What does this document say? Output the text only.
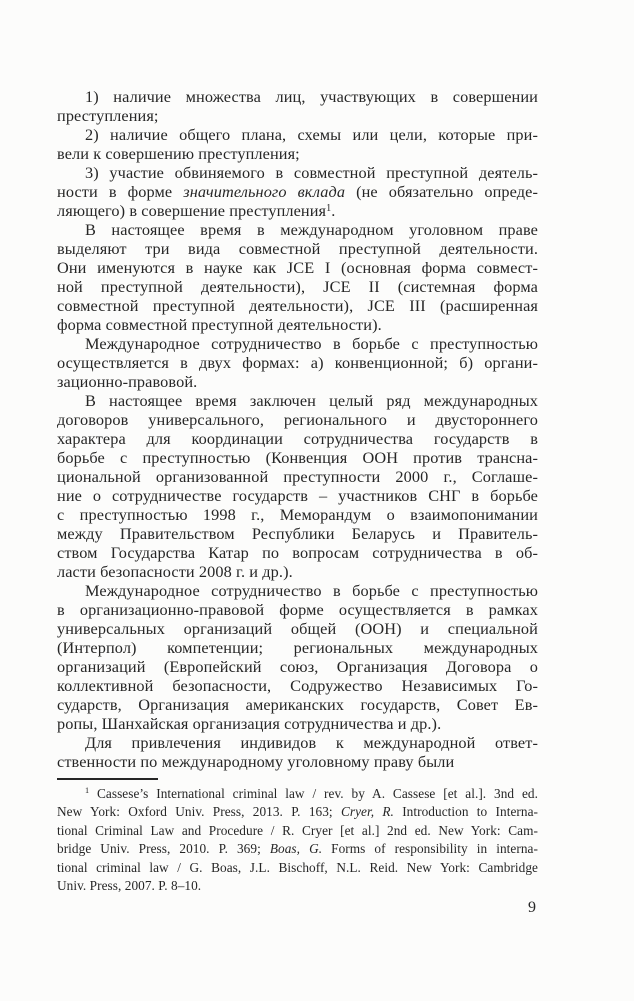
1) наличие множества лиц, участвующих в совершении
преступления;
2) наличие общего плана, схемы или цели, которые при-
вели к совершению преступления;
3) участие обвиняемого в совместной преступной деятель-
ности в форме значительного вклада (не обязательно опреде-
ляющего) в совершение преступления$^1$.
В настоящее время в международном уголовном праве
выделяют три вида совместной преступной деятельности.
Они именуются в науке как JCE I (основная форма совмест-
ной преступной деятельности), JCE II (системная форма
совместной преступной деятельности), JCE III (расширенная
форма совместной преступной деятельности).
Международное сотрудничество в борьбе с преступностью
осуществляется в двух формах: а) конвенционной; б) органи-
зационно-правовой.
В настоящее время заключен целый ряд международных
договоров универсального, регионального и двустороннего
характера для координации сотрудничества государств в
борьбе с преступностью (Конвенция ООН против трансна-
циональной организованной преступности 2000 г., Соглаше-
ние о сотрудничестве государств – участников СНГ в борьбе
с преступностью 1998 г., Меморандум о взаимопонимании
между Правительством Республики Беларусь и Правитель-
ством Государства Катар по вопросам сотрудничества в об-
ласти безопасности 2008 г. и др.).
Международное сотрудничество в борьбе с преступностью
в организационно-правовой форме осуществляется в рамках
универсальных организаций общей (ООН) и специальной
(Интерпол) компетенции; региональных международных
организаций (Европейский союз, Организация Договора о
коллективной безопасности, Содружество Независимых Го-
сударств, Организация американских государств, Совет Ев-
ропы, Шанхайская организация сотрудничества и др.).
Для привлечения индивидов к международной ответ-
ственности по международному уголовному праву были
$^1$ Cassese’s International criminal law / rev. by A. Cassese [et al.]. 3nd ed.
New York: Oxford Univ. Press, 2013. P. 163; Cryer, R. Introduction to Interna-
tional Criminal Law and Procedure / R. Cryer [et al.] 2nd ed. New York: Cam-
bridge Univ. Press, 2010. P. 369; Boas, G. Forms of responsibility in interna-
tional criminal law / G. Boas, J.L. Bischoff, N.L. Reid. New York: Cambridge
Univ. Press, 2007. P. 8–10.
9
